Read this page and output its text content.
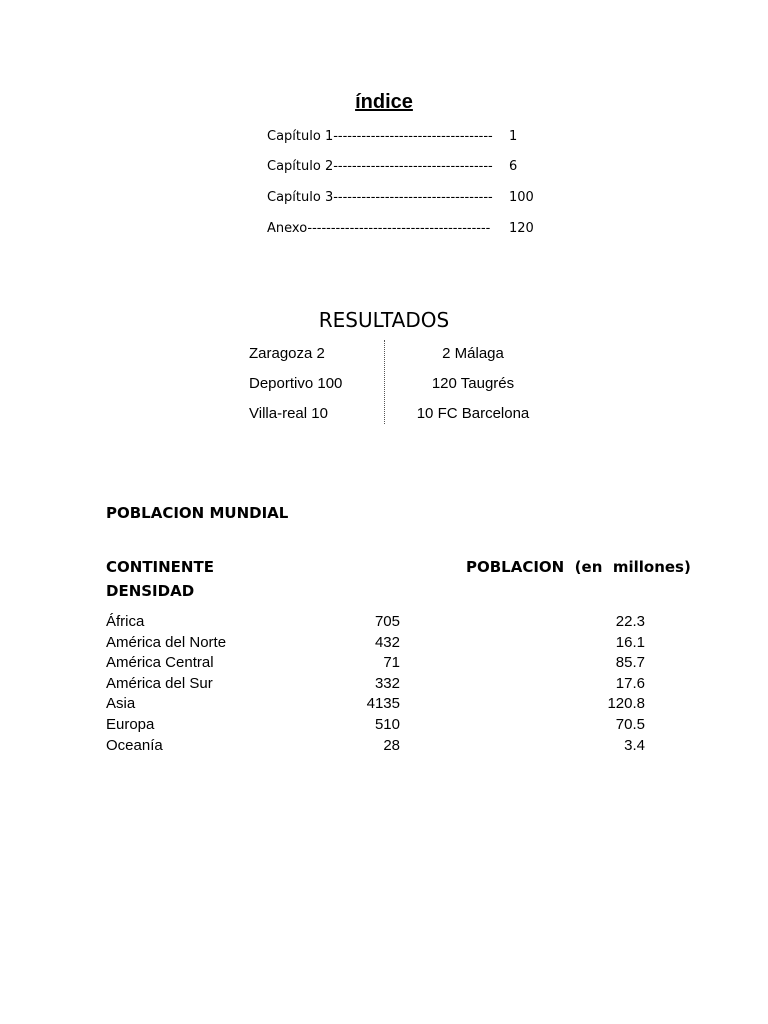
índice
Capítulo 1---------------------------------- 1
Capítulo 2---------------------------------- 6
Capítulo 3---------------------------------- 100
Anexo--------------------------------------- 120
RESULTADOS
Zaragoza 2	2 Málaga
Deportivo 100	120 Taugrés
Villa-real 10	10 FC Barcelona
POBLACION MUNDIAL
CONTINENTE	POBLACION  (en  millones)
DENSIDAD
África	705	22.3
América del Norte	432	16.1
América Central	71	85.7
América del Sur	332	17.6
Asia	4135	120.8
Europa	510	70.5
Oceanía	28	3.4
